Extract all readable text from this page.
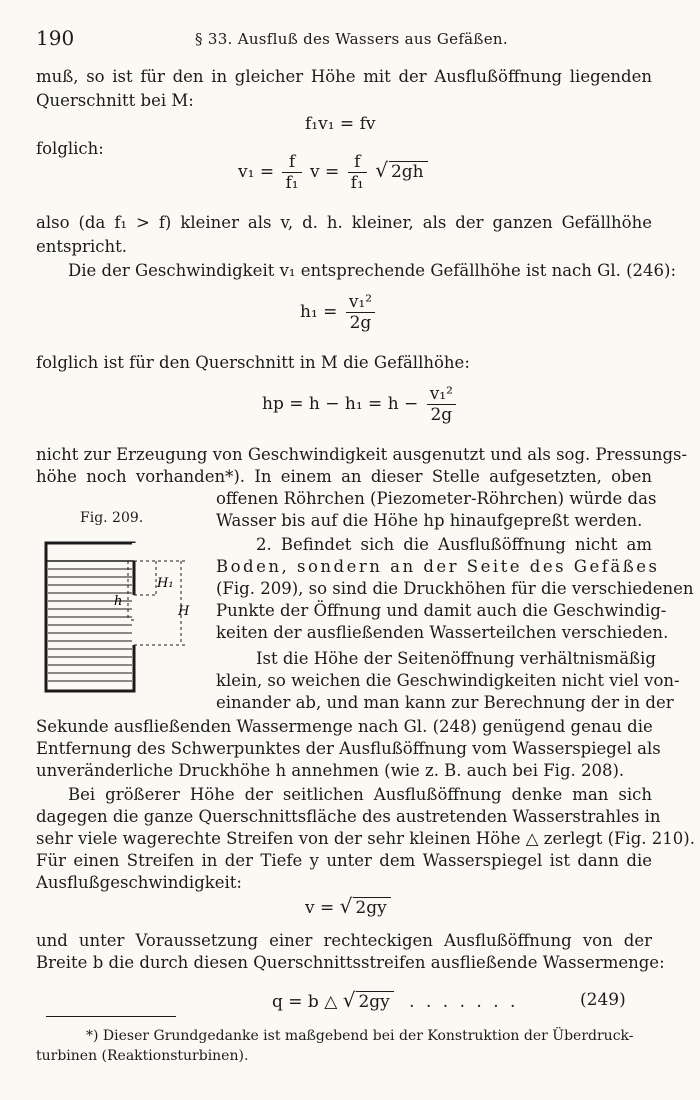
190	§ 33. Ausfluß des Wassers aus Gefäßen.
muß, so ist für den in gleicher Höhe mit der Ausflußöffnung liegenden
Querschnitt bei M:
f₁v₁ = fv
folglich:
$v_1 = \frac{f}{\text{f₁}}$ $v = \frac{f}{\text{f₁}}$ √ 2gh
also (da f₁ > f) kleiner als v, d. h. kleiner, als der ganzen Gefällhöhe
entspricht.
Die der Geschwindigkeit v₁ entsprechende Gefällhöhe ist nach Gl. (246):
$h_1 = \frac{\text{v₁²}}{2g}$
folglich ist für den Querschnitt in M die Gefällhöhe:
hp = $h - h_1 = h - \frac{\text{v₁²}}{2g}$
nicht zur Erzeugung von Geschwindigkeit ausgenutzt und als sog. Pressungs-
höhe noch vorhanden*). In einem an dieser Stelle aufgesetzten, oben
Fig. 209.
h
H₁
H
offenen Röhrchen (Piezometer-Röhrchen) würde das
Wasser bis auf die Höhe hp hinaufgepreßt werden.
2. Befindet sich die Ausflußöffnung nicht am
Boden, sondern an der Seite des Gefäßes
(Fig. 209), so sind die Druckhöhen für die verschiedenen
Punkte der Öffnung und damit auch die Geschwindig-
keiten der ausfließenden Wasserteilchen verschieden.
Ist die Höhe der Seitenöffnung verhältnismäßig
klein, so weichen die Geschwindigkeiten nicht viel von-
einander ab, und man kann zur Berechnung der in der
Sekunde ausfließenden Wassermenge nach Gl. (248) genügend genau die
Entfernung des Schwerpunktes der Ausflußöffnung vom Wasserspiegel als
unveränderliche Druckhöhe h annehmen (wie z. B. auch bei Fig. 208).
Bei größerer Höhe der seitlichen Ausflußöffnung denke man sich
dagegen die ganze Querschnittsfläche des austretenden Wasserstrahles in
sehr viele wagerechte Streifen von der sehr kleinen Höhe △ zerlegt (Fig. 210).
Für einen Streifen in der Tiefe y unter dem Wasserspiegel ist dann die
Ausflußgeschwindigkeit:
v = √ 2gy
und unter Voraussetzung einer rechteckigen Ausflußöffnung von der
Breite b die durch diesen Querschnittsstreifen ausfließende Wassermenge:
q = b △ √ 2gy . . . . . . .	(249)
*) Dieser Grundgedanke ist maßgebend bei der Konstruktion der Überdruck-
turbinen (Reaktionsturbinen).
